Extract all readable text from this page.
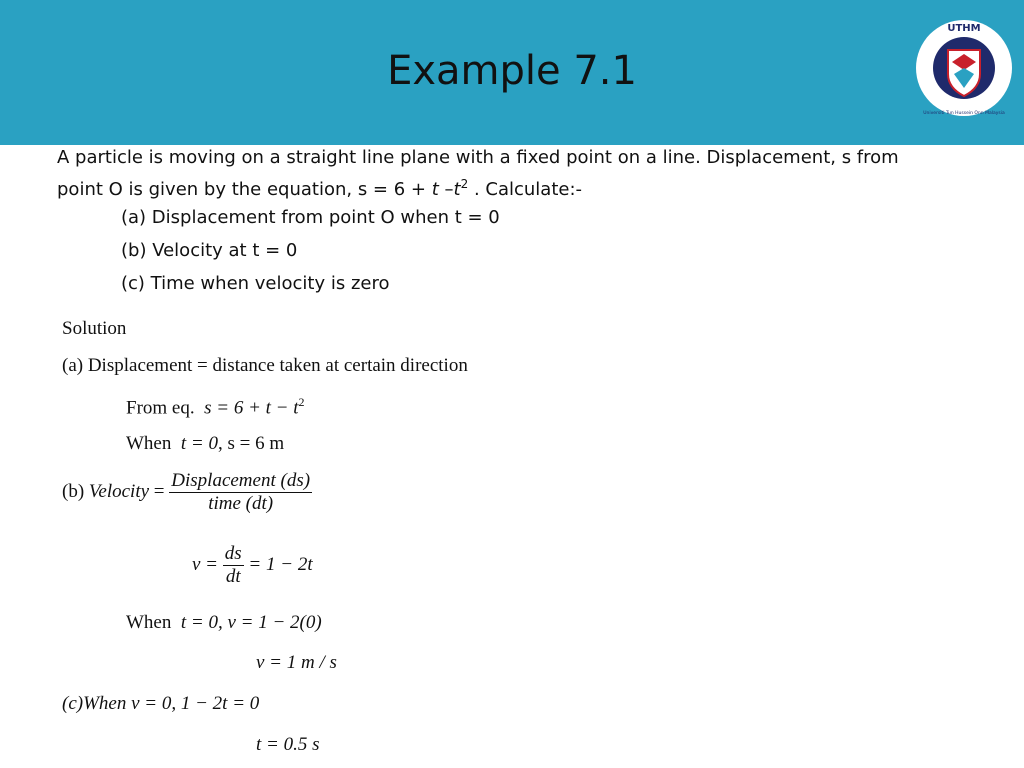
Example 7.1
UTHM
Universiti Tun Hussein Onn Malaysia
A particle is moving on a straight line plane with a fixed point on a line. Displacement, s from
point O is given by the equation, s = 6 + t $-t^2$ . Calculate:-
(a) Displacement from point O when t = 0
(b) Velocity at t = 0
(c) Time when velocity is zero
Solution
(a) Displacement = distance taken at certain direction
From eq. $s = 6 + t - t^2$
When t = 0, s = 6 m
(b) Velocity = $\frac{\text{Displacement (ds)}}{\text{time (dt)}}$
$v = \frac{ds}{dt} = 1 - 2t$
When t = 0, v = 1 − 2(0)
v = 1 m / s
(c)When v = 0, 1 − 2t = 0
t = 0.5 s
